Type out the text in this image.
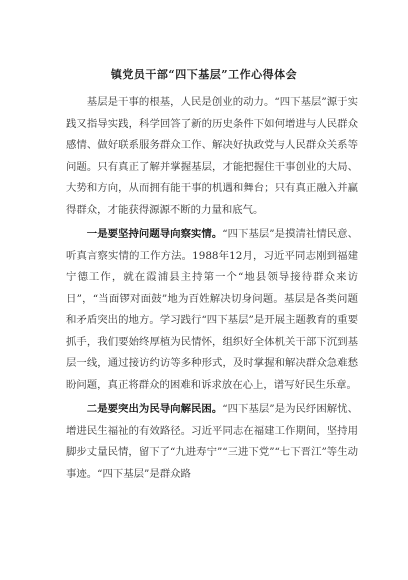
镇党员干部“四下基层”工作心得体会

基层是干事的根基，人民是创业的动力。“四下基层”源于实践又指导实践，科学回答了新的历史条件下如何增进与人民群众感情、做好联系服务群众工作、解决好执政党与人民群众关系等问题。只有真正了解并掌握基层，才能把握住干事创业的大局、大势和方向，从而拥有能干事的机遇和舞台；只有真正融入并赢得群众，才能获得源源不断的力量和底气。

一是要坚持问题导向察实情。“四下基层”是摸清社情民意、听真言察实情的工作方法。1988年12月，习近平同志刚到福建宁德工作，就在霞浦县主持第一个“地县领导接待群众来访日”，“当面锣对面鼓”地为百姓解决切身问题。基层是各类问题和矛盾突出的地方。学习践行“四下基层”是开展主题教育的重要抓手，我们要始终厚植为民情怀，组织好全体机关干部下沉到基层一线，通过接访约访等多种形式，及时掌握和解决群众急难愁盼问题，真正将群众的困难和诉求放在心上，谱写好民生乐章。

二是要突出为民导向解民困。“四下基层”是为民纾困解忧、增进民生福祉的有效路径。习近平同志在福建工作期间，坚持用脚步丈量民情，留下了“九进寿宁”“三进下党”“七下晋江”等生动事迹。“四下基层”是群众路
